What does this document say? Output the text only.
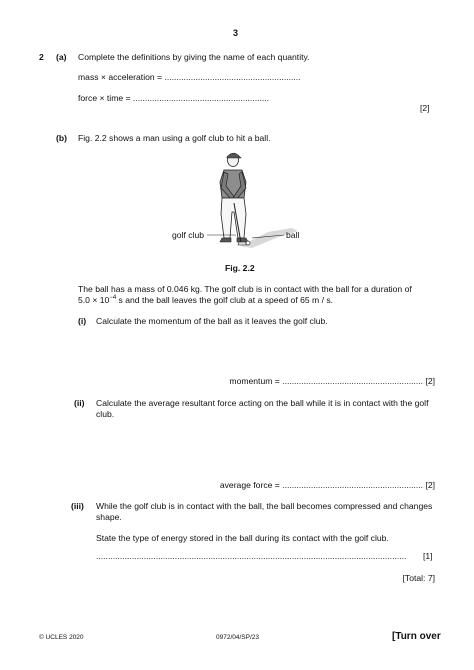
3
2 (a) Complete the definitions by giving the name of each quantity.
mass × acceleration = .........................................................
force × time = .........................................................
[2]
(b) Fig. 2.2 shows a man using a golf club to hit a ball.
golf club	ball
Fig. 2.2
The ball has a mass of 0.046 kg. The golf club is in contact with the ball for a duration of
$5.0 \times 10^{-4}$ s and the ball leaves the golf club at a speed of 65 m / s.
(i) Calculate the momentum of the ball as it leaves the golf club.
momentum = ........................................................... [2]
(ii) Calculate the average resultant force acting on the ball while it is in contact with the golf club.
average force = ........................................................... [2]
(iii) While the golf club is in contact with the ball, the ball becomes compressed and changes shape.
State the type of energy stored in the ball during its contact with the golf club.
.................................................................................................................................. [1]
[Total: 7]
© UCLES 2020	0972/04/SP/23	[Turn over
